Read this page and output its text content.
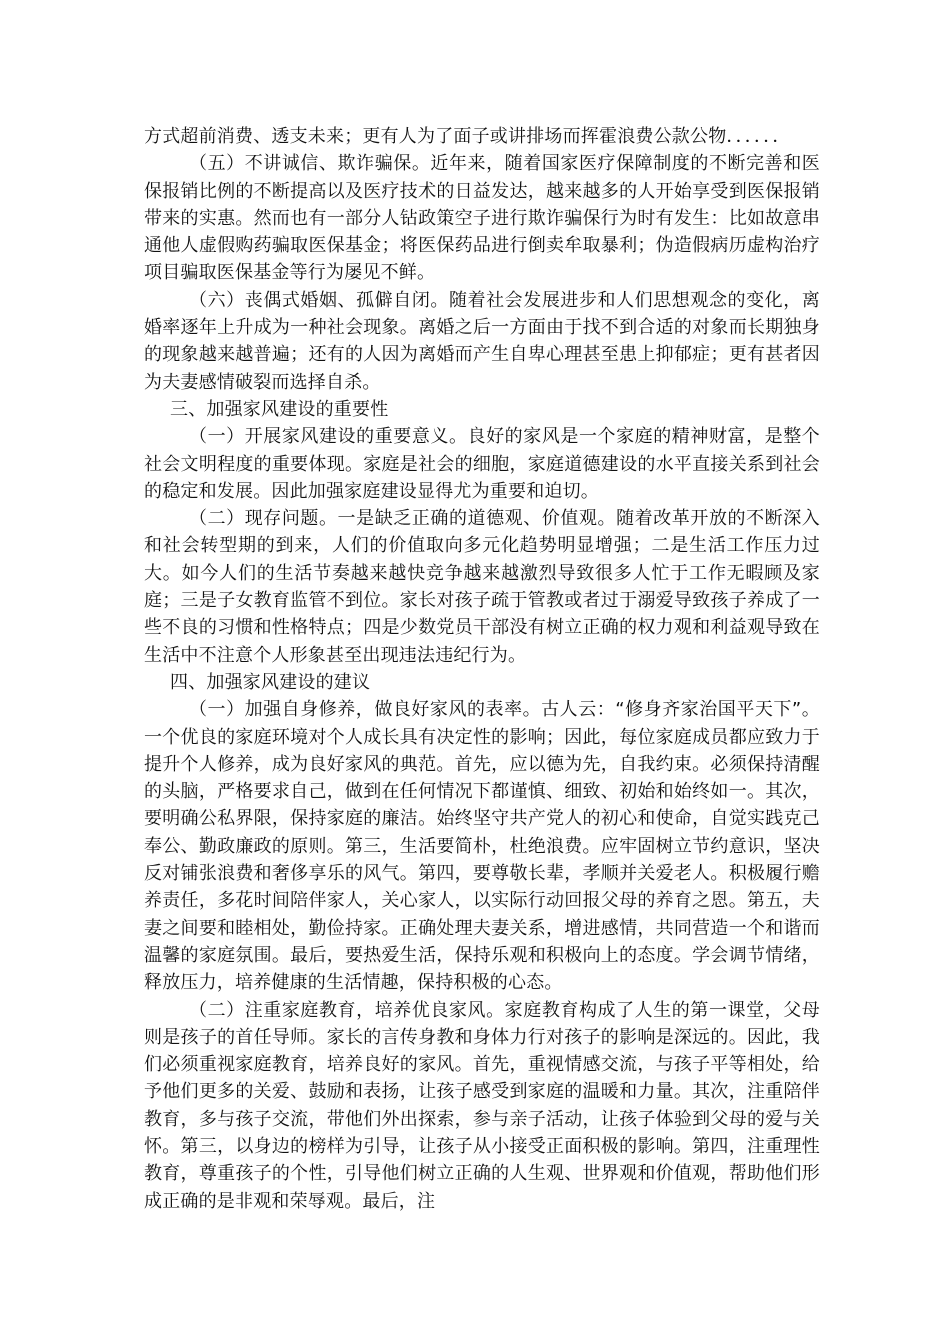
方式超前消费、透支未来；更有人为了面子或讲排场而挥霍浪费公款公物．．．．．．

（五）不讲诚信、欺诈骗保。近年来，随着国家医疗保障制度的不断完善和医保报销比例的不断提高以及医疗技术的日益发达，越来越多的人开始享受到医保报销带来的实惠。然而也有一部分人钻政策空子进行欺诈骗保行为时有发生：比如故意串通他人虚假购药骗取医保基金；将医保药品进行倒卖牟取暴利；伪造假病历虚构治疗项目骗取医保基金等行为屡见不鲜。

（六）丧偶式婚姻、孤僻自闭。随着社会发展进步和人们思想观念的变化，离婚率逐年上升成为一种社会现象。离婚之后一方面由于找不到合适的对象而长期独身的现象越来越普遍；还有的人因为离婚而产生自卑心理甚至患上抑郁症；更有甚者因为夫妻感情破裂而选择自杀。

三、加强家风建设的重要性

（一）开展家风建设的重要意义。良好的家风是一个家庭的精神财富，是整个社会文明程度的重要体现。家庭是社会的细胞，家庭道德建设的水平直接关系到社会的稳定和发展。因此加强家庭建设显得尤为重要和迫切。

（二）现存问题。一是缺乏正确的道德观、价值观。随着改革开放的不断深入和社会转型期的到来，人们的价值取向多元化趋势明显增强；二是生活工作压力过大。如今人们的生活节奏越来越快竞争越来越激烈导致很多人忙于工作无暇顾及家庭；三是子女教育监管不到位。家长对孩子疏于管教或者过于溺爱导致孩子养成了一些不良的习惯和性格特点；四是少数党员干部没有树立正确的权力观和利益观导致在生活中不注意个人形象甚至出现违法违纪行为。

四、加强家风建设的建议

（一）加强自身修养，做良好家风的表率。古人云：“修身齐家治国平天下”。一个优良的家庭环境对个人成长具有决定性的影响；因此，每位家庭成员都应致力于提升个人修养，成为良好家风的典范。首先，应以德为先，自我约束。必须保持清醒的头脑，严格要求自己，做到在任何情况下都谨慎、细致、初始和始终如一。其次，要明确公私界限，保持家庭的廉洁。始终坚守共产党人的初心和使命，自觉实践克己奉公、勤政廉政的原则。第三，生活要简朴，杜绝浪费。应牢固树立节约意识，坚决反对铺张浪费和奢侈享乐的风气。第四，要尊敬长辈，孝顺并关爱老人。积极履行赡养责任，多花时间陪伴家人，关心家人，以实际行动回报父母的养育之恩。第五，夫妻之间要和睦相处，勤俭持家。正确处理夫妻关系，增进感情，共同营造一个和谐而温馨的家庭氛围。最后，要热爱生活，保持乐观和积极向上的态度。学会调节情绪，释放压力，培养健康的生活情趣，保持积极的心态。

（二）注重家庭教育，培养优良家风。家庭教育构成了人生的第一课堂，父母则是孩子的首任导师。家长的言传身教和身体力行对孩子的影响是深远的。因此，我们必须重视家庭教育，培养良好的家风。首先，重视情感交流，与孩子平等相处，给予他们更多的关爱、鼓励和表扬，让孩子感受到家庭的温暖和力量。其次，注重陪伴教育，多与孩子交流，带他们外出探索，参与亲子活动，让孩子体验到父母的爱与关怀。第三，以身边的榜样为引导，让孩子从小接受正面积极的影响。第四，注重理性教育，尊重孩子的个性，引导他们树立正确的人生观、世界观和价值观，帮助他们形成正确的是非观和荣辱观。最后，注
